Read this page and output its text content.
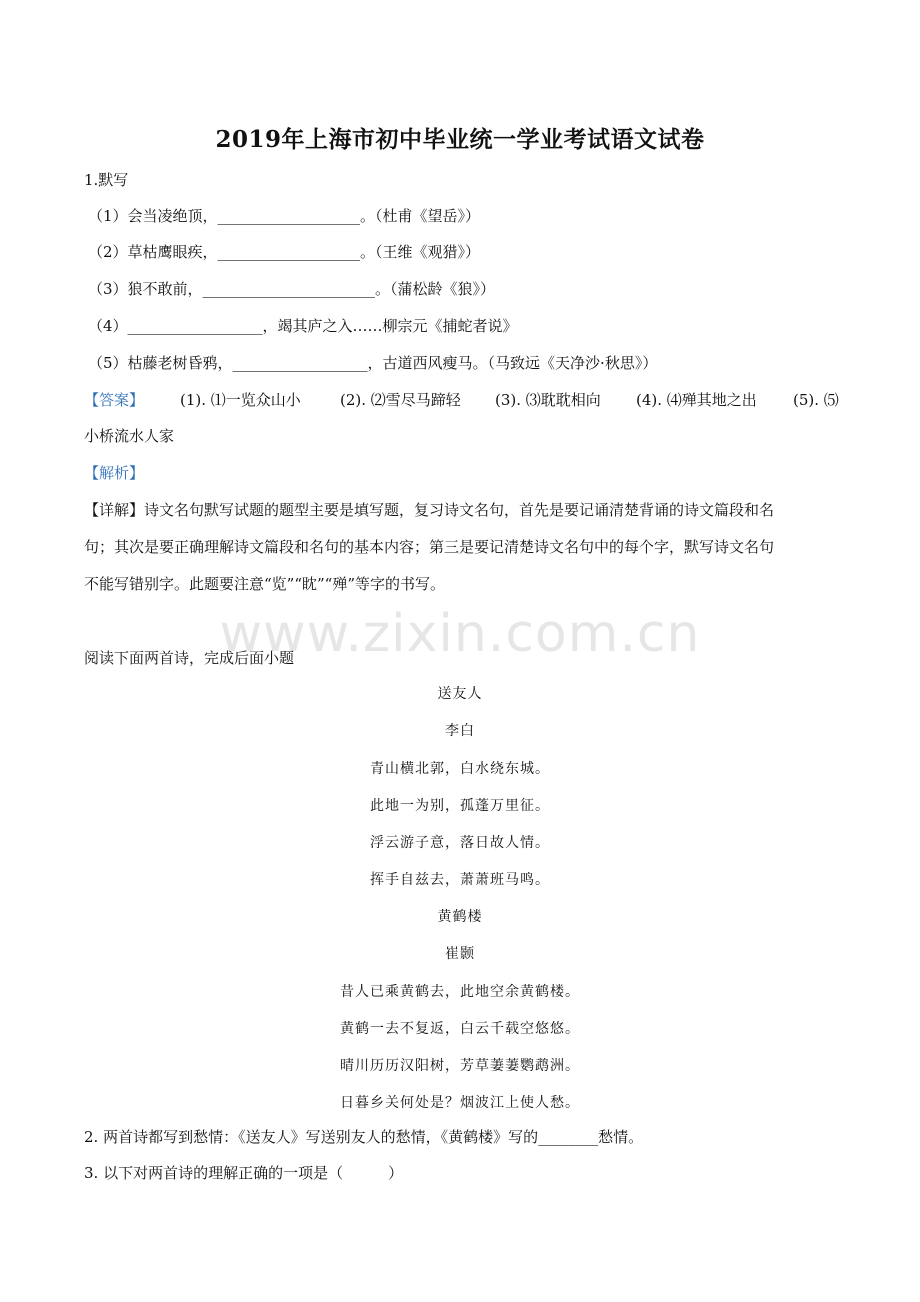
2019年上海市初中毕业统一学业考试语文试卷
1.默写
（1）会当凌绝顶，___________________。（杜甫《望岳》）
（2）草枯鹰眼疾，___________________。（王维《观猎》）
（3）狼不敢前，_______________________。（蒲松龄《狼》）
（4）__________________，竭其庐之入……柳宗元《捕蛇者说》
（5）枯藤老树昏鸦，__________________，古道西风瘦马。（马致远《天净沙·秋思》）
【答案】 (1). ⑴一览众山小	(2). ⑵雪尽马蹄轻 (3). ⑶耽耽相向 (4). ⑷殚其地之出 (5). ⑸
小桥流水人家
【解析】
【详解】诗文名句默写试题的题型主要是填写题，复习诗文名句，首先是要记诵清楚背诵的诗文篇段和名
句；其次是要正确理解诗文篇段和名句的基本内容；第三是要记清楚诗文名句中的每个字，默写诗文名句
不能写错别字。此题要注意“览”“眈”“殚”等字的书写。
www.zixin.com.cn
阅读下面两首诗，完成后面小题
送友人
李白
青山横北郭，白水绕东城。
此地一为别，孤蓬万里征。
浮云游子意，落日故人情。
挥手自兹去，萧萧班马鸣。
黄鹤楼
崔颢
昔人已乘黄鹤去，此地空余黄鹤楼。
黄鹤一去不复返，白云千载空悠悠。
晴川历历汉阳树，芳草萋萋鹦鹉洲。
日暮乡关何处是？烟波江上使人愁。
2. 两首诗都写到愁情：《送友人》写送别友人的愁情，《黄鹤楼》写的________愁情。
3. 以下对两首诗的理解正确的一项是（　　　）
